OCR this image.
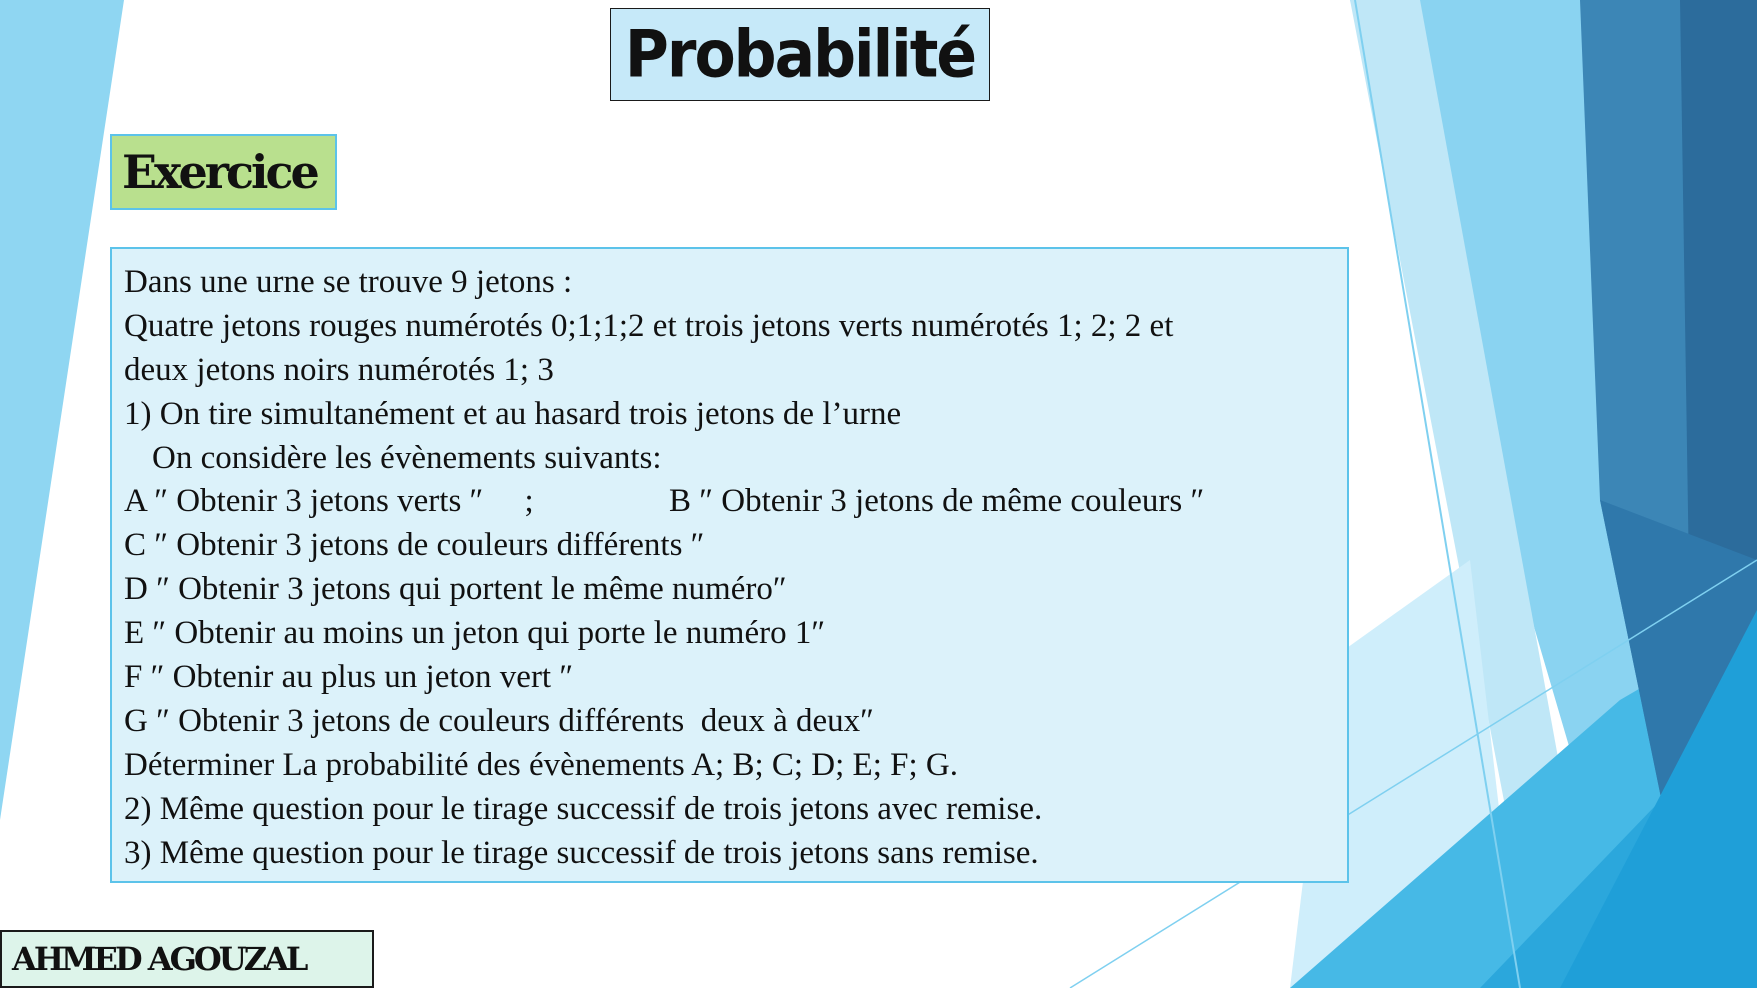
Probabilité
Exercice
Dans une urne se trouve 9 jetons :
Quatre jetons rouges numérotés 0;1;1;2 et trois jetons verts numérotés 1; 2; 2 et
deux jetons noirs numérotés 1; 3
1) On tire simultanément et au hasard trois jetons de l’urne
On considère les évènements suivants:
A ″ Obtenir 3 jetons verts ″     ;	B ″ Obtenir 3 jetons de même couleurs ″
C ″ Obtenir 3 jetons de couleurs différents ″
D ″ Obtenir 3 jetons qui portent le même numéro″
E ″ Obtenir au moins un jeton qui porte le numéro 1″
F ″ Obtenir au plus un jeton vert ″
G ″ Obtenir 3 jetons de couleurs différents  deux à deux″
Déterminer La probabilité des évènements A; B; C; D; E; F; G.
2) Même question pour le tirage successif de trois jetons avec remise.
3) Même question pour le tirage successif de trois jetons sans remise.
AHMED AGOUZAL
